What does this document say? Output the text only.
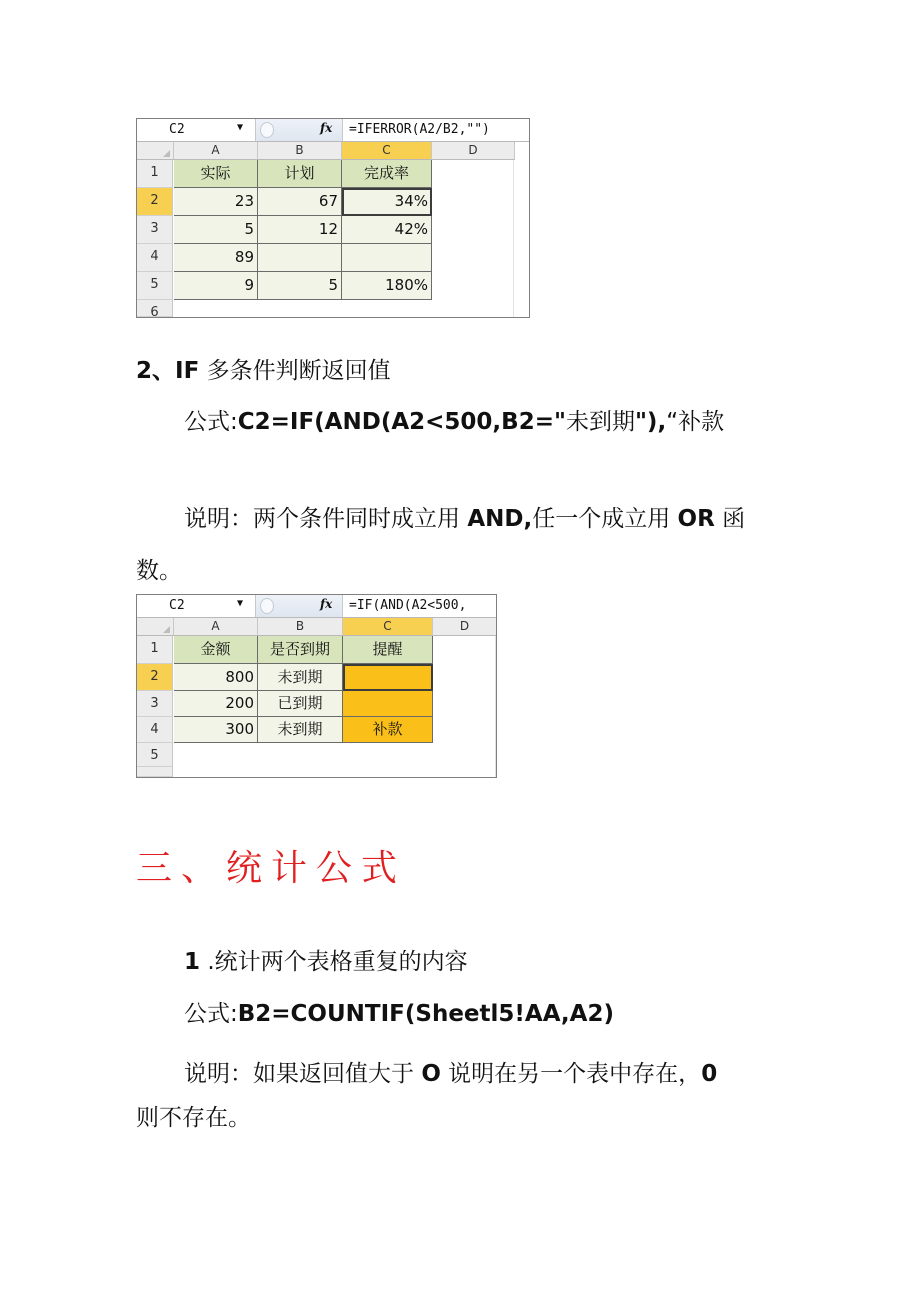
C2	▼	fx =IFERROR(A2/B2,"")
A	B	C	D
1
2
3
4
5
6
实际	计划	完成率
23	67	34%
5	12	42%
89
9	5	180%
2、IF 多条件判断返回值
公式:C2=IF(AND(A2<500,B2="未到期"),“补款
说明：两个条件同时成立用 AND,任一个成立用 OR 函
数。
C2	▼	fx =IF(AND(A2<500,
A	B	C	D
1
2
3
4
5
金额	是否到期	提醒
800	未到期
200	已到期
300	未到期	补款
三、统计公式
1 .统计两个表格重复的内容
公式:B2=COUNTIF(Sheetl5!AA,A2)
说明：如果返回值大于 O 说明在另一个表中存在，0
则不存在。
